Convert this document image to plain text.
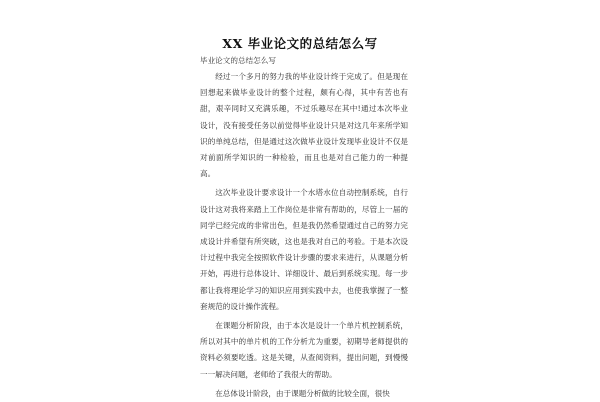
XX 毕业论文的总结怎么写

毕业论文的总结怎么写

经过一个多月的努力我的毕业设计终于完成了。但是现在回想起来做毕业设计的整个过程，颇有心得，其中有苦也有甜，艰辛同时又充满乐趣，不过乐趣尽在其中!通过本次毕业设计，没有接受任务以前觉得毕业设计只是对这几年来所学知识的单纯总结，但是通过这次做毕业设计发现毕业设计不仅是对前面所学知识的一种检验，而且也是对自己能力的一种提高。

这次毕业设计要求设计一个水塔水位自动控制系统，自行设计这对我将来踏上工作岗位是非常有帮助的，尽管上一届的同学已经完成的非常出色，但是我仍然希望通过自己的努力完成设计并希望有所突破，这也是我对自己的考验。于是本次设计过程中我完全按照软件设计步骤的要求来进行，从课题分析开始，再进行总体设计、详细设计、最后到系统实现。每一步都让我将理论学习的知识应用到实践中去，也使我掌握了一整套规范的设计操作流程。

在课题分析阶段，由于本次是设计一个单片机控制系统，所以对其中的单片机的工作分析尤为重要，初期导老师提供的资料必须要吃透。这是关键，从查阅资料，提出问题，到慢慢一一解决问题，老师给了我很大的帮助。

在总体设计阶段，由于课题分析做的比较全面，很快
